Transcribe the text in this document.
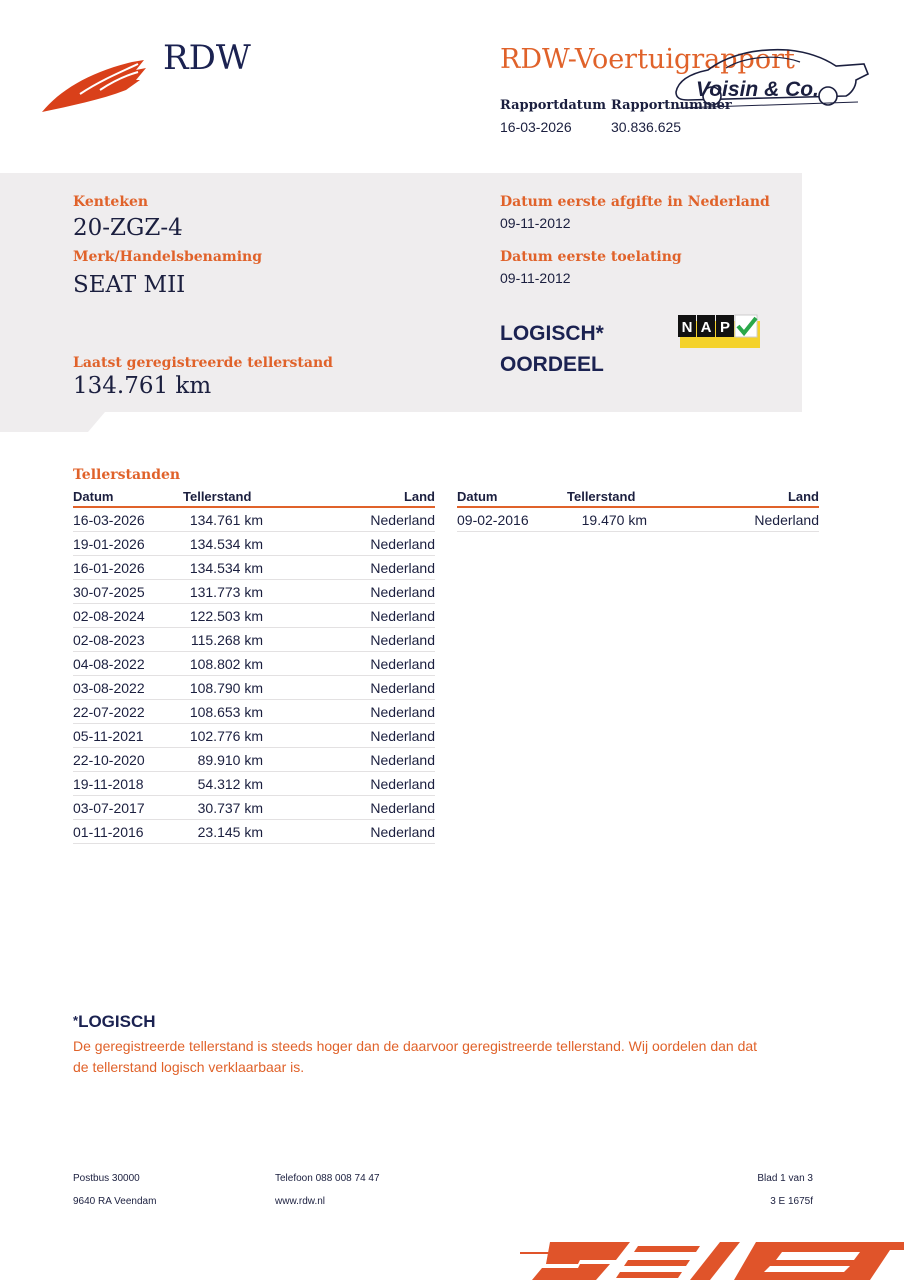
RDW	RDW-Voertuigrapport
Voisin & Co.
Rapportdatum
16-03-2026
Rapportnummer
30.836.625
Kenteken
20-ZGZ-4
Merk/Handelsbenaming
SEAT MII
Laatst geregistreerde tellerstand
134.761 km
Datum eerste afgifte in Nederland
09-11-2012
Datum eerste toelating
09-11-2012
LOGISCH*
OORDEEL
N A P
Tellerstanden
Datum	Tellerstand	Land
16-03-2026	134.761 km	Nederland
19-01-2026	134.534 km	Nederland
16-01-2026	134.534 km	Nederland
30-07-2025	131.773 km	Nederland
02-08-2024	122.503 km	Nederland
02-08-2023	115.268 km	Nederland
04-08-2022	108.802 km	Nederland
03-08-2022	108.790 km	Nederland
22-07-2022	108.653 km	Nederland
05-11-2021	102.776 km	Nederland
22-10-2020	89.910 km	Nederland
19-11-2018	54.312 km	Nederland
03-07-2017	30.737 km	Nederland
01-11-2016	23.145 km	Nederland
Datum	Tellerstand	Land
09-02-2016	19.470 km	Nederland
*LOGISCH
De geregistreerde tellerstand is steeds hoger dan de daarvoor geregistreerde tellerstand. Wij oordelen dan dat de tellerstand logisch verklaarbaar is.
Postbus 30000
9640 RA Veendam
Telefoon 088 008 74 47
www.rdw.nl
Blad 1 van 3
3 E 1675f
